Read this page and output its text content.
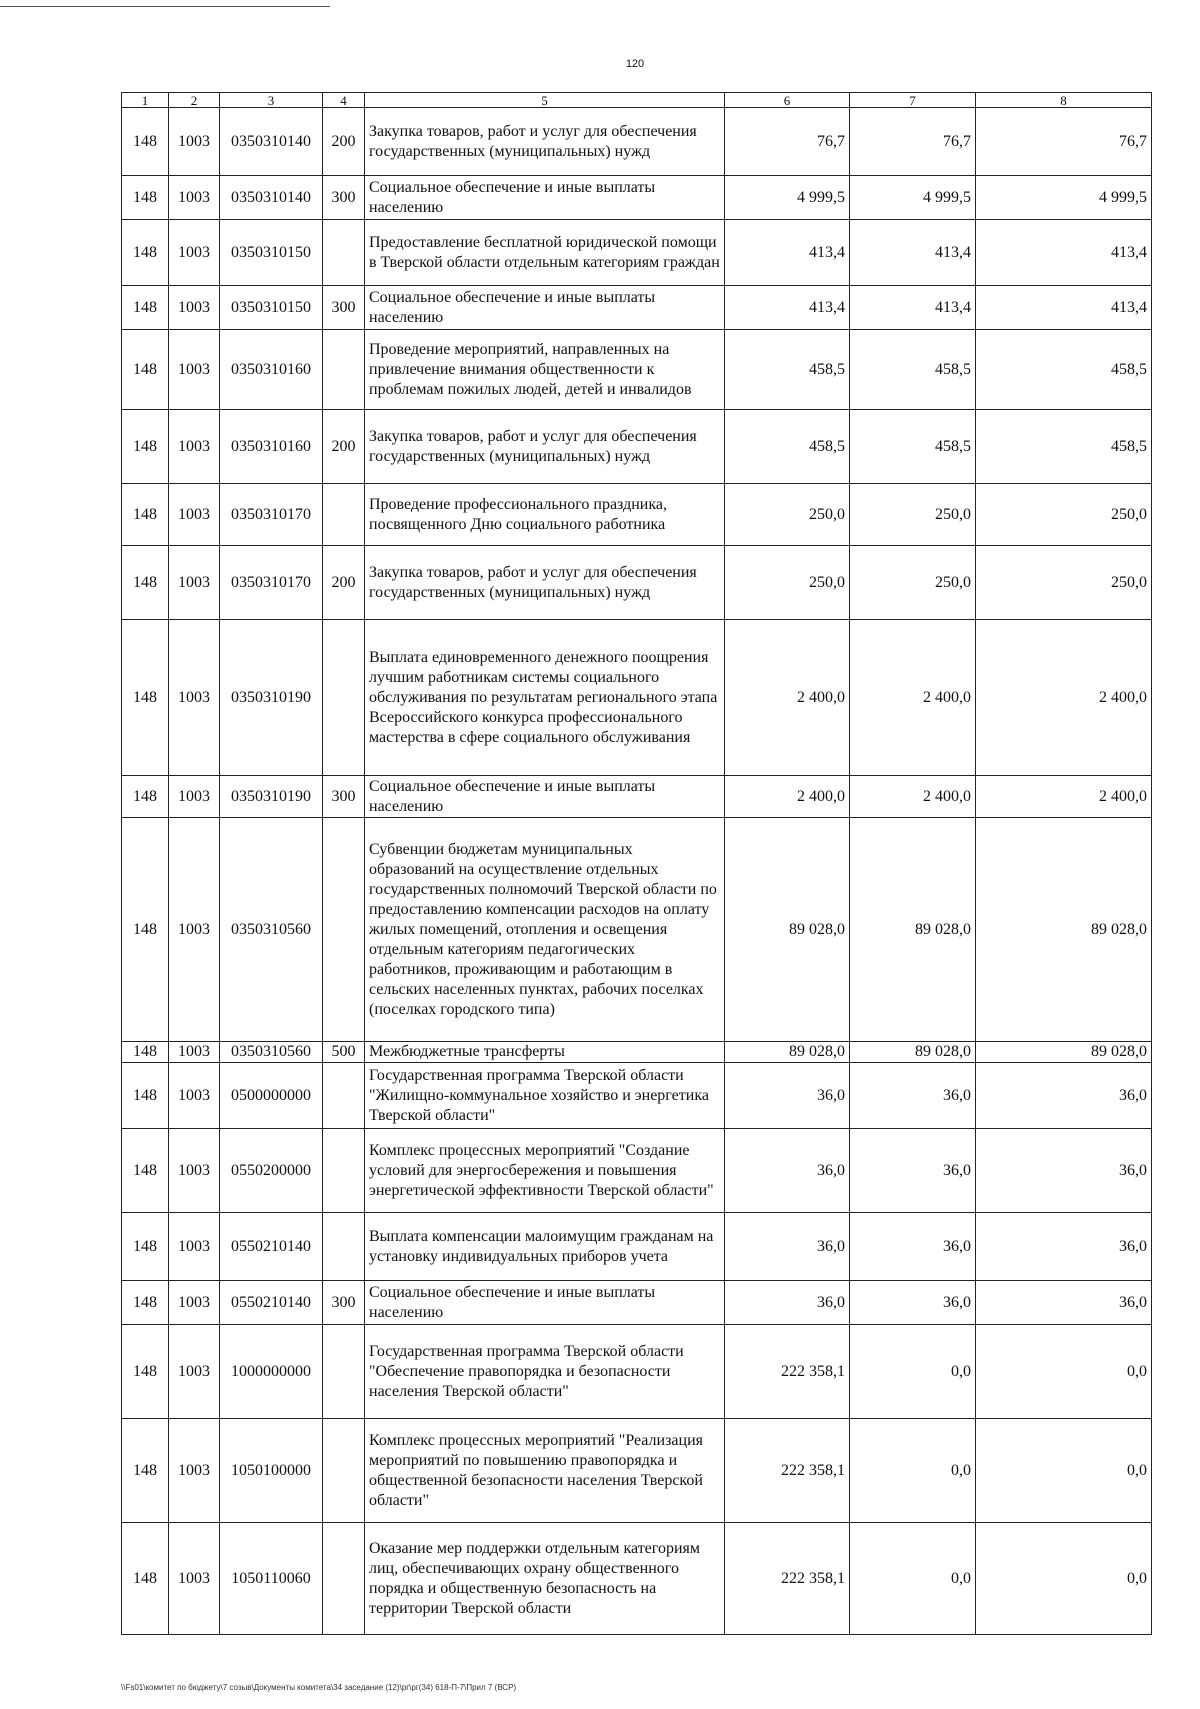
120
1	2	3	4	5	6	7	8
148	1003	0350310140	200	Закупка товаров, работ и услуг для обеспечения государственных (муниципальных) нужд	76,7	76,7	76,7
148	1003	0350310140	300	Социальное обеспечение и иные выплаты населению	4 999,5	4 999,5	4 999,5
148	1003	0350310150		Предоставление бесплатной юридической помощи в Тверской области отдельным категориям граждан	413,4	413,4	413,4
148	1003	0350310150	300	Социальное обеспечение и иные выплаты населению	413,4	413,4	413,4
148	1003	0350310160		Проведение мероприятий, направленных на привлечение внимания общественности к проблемам пожилых людей, детей и инвалидов	458,5	458,5	458,5
148	1003	0350310160	200	Закупка товаров, работ и услуг для обеспечения государственных (муниципальных) нужд	458,5	458,5	458,5
148	1003	0350310170		Проведение профессионального праздника, посвященного Дню социального работника	250,0	250,0	250,0
148	1003	0350310170	200	Закупка товаров, работ и услуг для обеспечения государственных (муниципальных) нужд	250,0	250,0	250,0
148	1003	0350310190		Выплата единовременного денежного поощрения лучшим работникам системы социального обслуживания по результатам регионального этапа Всероссийского конкурса профессионального мастерства в сфере социального обслуживания	2 400,0	2 400,0	2 400,0
148	1003	0350310190	300	Социальное обеспечение и иные выплаты населению	2 400,0	2 400,0	2 400,0
148	1003	0350310560		Субвенции бюджетам муниципальных образований на осуществление отдельных государственных полномочий Тверской области по предоставлению компенсации расходов на оплату жилых помещений, отопления и освещения отдельным категориям педагогических работников, проживающим и работающим в сельских населенных пунктах, рабочих поселках (поселках городского типа)	89 028,0	89 028,0	89 028,0
148	1003	0350310560	500	Межбюджетные трансферты	89 028,0	89 028,0	89 028,0
148	1003	0500000000		Государственная программа Тверской области "Жилищно-коммунальное хозяйство и энергетика Тверской области"	36,0	36,0	36,0
148	1003	0550200000		Комплекс процессных мероприятий "Создание условий для энергосбережения и повышения энергетической эффективности Тверской области"	36,0	36,0	36,0
148	1003	0550210140		Выплата компенсации малоимущим гражданам на установку индивидуальных приборов учета	36,0	36,0	36,0
148	1003	0550210140	300	Социальное обеспечение и иные выплаты населению	36,0	36,0	36,0
148	1003	1000000000		Государственная программа Тверской области "Обеспечение правопорядка и безопасности населения Тверской области"	222 358,1	0,0	0,0
148	1003	1050100000		Комплекс процессных мероприятий "Реализация мероприятий по повышению правопорядка и общественной безопасности населения Тверской области"	222 358,1	0,0	0,0
148	1003	1050110060		Оказание мер поддержки отдельным категориям лиц, обеспечивающих охрану общественного порядка и общественную безопасность на территории Тверской области	222 358,1	0,0	0,0
\\Fs01\комитет по бюджету\7 созыв\Документы комитета\34 заседание (12)\рг\рг(34) 618-П-7\Прил 7 (ВСР)
